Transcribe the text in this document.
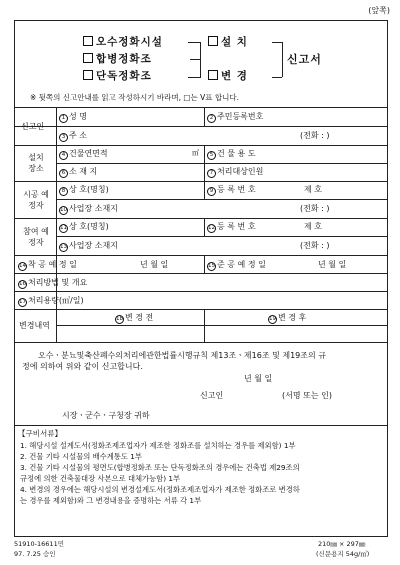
(앞쪽)
오수정화시설
합병정화조
단독정화조
설 치
변 경
신고서
※ 뒷쪽의 신고안내를 읽고 작성하시기 바라며, □는 V표 합니다.
신고인
1 성 명	2 주민등록번호
3 주 소	(전화 : )
설치 장소
4 건물연면적	㎡	5 건 물 용 도
6 소 재 지	7 처리대상인원
시공 예정자
8 상 호(명칭)	9 등 록 번 호	제 호
10 사업장 소재지	(전화 : )
참여 예정자
11 상 호(명칭)	12 등 록 번 호	제 호
13 사업장 소재지	(전화 : )
14 착 공 예 정 일	년 월 일	15 준 공 예 정 일	년 월 일
16 처리방법 및 개요
17 처리용량(㎥/일)
변경내역
18 변 경 전	19 변 경 후
오수ㆍ분뇨및축산폐수의처리에관한법률시행규칙 제13조ㆍ제16조 및 제19조의 규
정에 의하여 위와 같이 신고합니다.
년 월 일
신고인	(서명 또는 인)
시장ㆍ군수ㆍ구청장 귀하
【구비서류】
1. 해당시설 설계도서(정화조제조업자가 제조한 정화조를 설치하는 경우를 제외함) 1부
2. 건물 기타 시설물의 배수계통도 1부
3. 건물 기타 시설물의 평면도(합병정화조 또는 단독정화조의 경우에는 건축법 제29조의
규정에 의한 건축물대장 사본으로 대체가능함) 1부
4. 변경의 경우에는 해당시설의 변경설계도서(정화조제조업자가 제조한 정화조로 변경하
는 경우를 제외함)와 그 변경내용을 증명하는 서류 각 1부
51910-16611민
97. 7.25 승인
210㎜ × 297㎜
(신문용지 54g/㎡)
